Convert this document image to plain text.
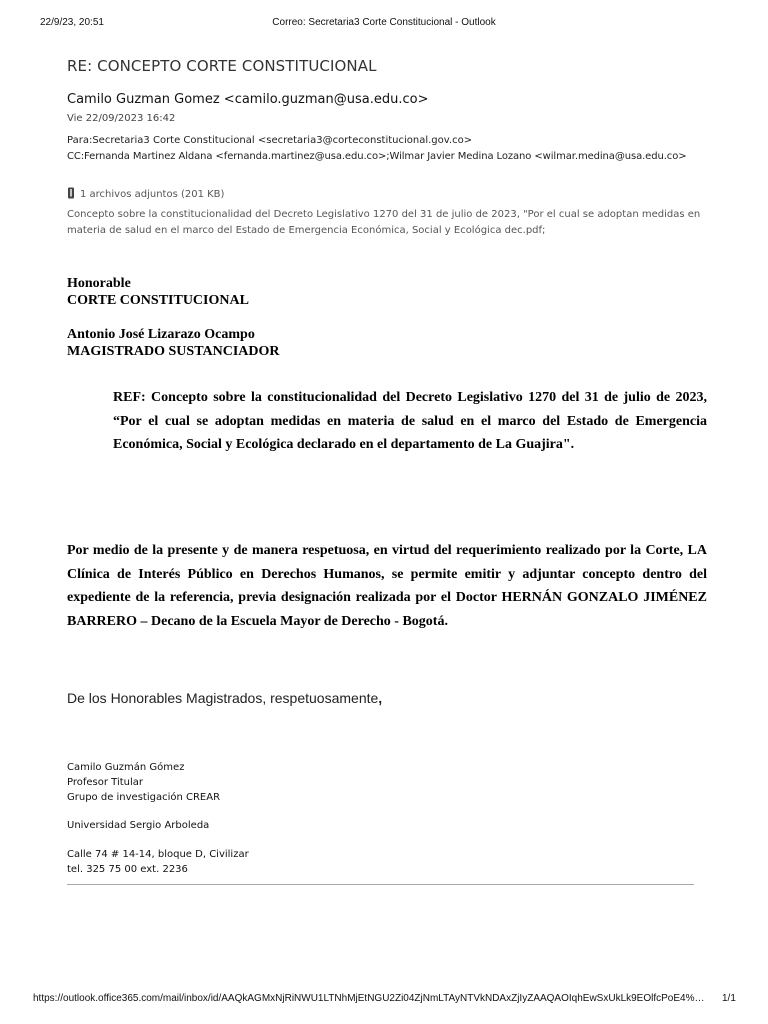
22/9/23, 20:51	Correo: Secretaria3 Corte Constitucional - Outlook
RE: CONCEPTO CORTE CONSTITUCIONAL
Camilo Guzman Gomez <camilo.guzman@usa.edu.co>
Vie 22/09/2023 16:42
Para:Secretaria3 Corte Constitucional <secretaria3@corteconstitucional.gov.co>
CC:Fernanda Martinez Aldana <fernanda.martinez@usa.edu.co>;Wilmar Javier Medina Lozano <wilmar.medina@usa.edu.co>
1 archivos adjuntos (201 KB)
Concepto sobre la constitucionalidad del Decreto Legislativo 1270 del 31 de julio de 2023, "Por el cual se adoptan medidas en materia de salud en el marco del Estado de Emergencia Económica, Social y Ecológica dec.pdf;
Honorable
CORTE CONSTITUCIONAL
Antonio José Lizarazo Ocampo
MAGISTRADO SUSTANCIADOR
REF: Concepto sobre la constitucionalidad del Decreto Legislativo 1270 del 31 de julio de 2023, “Por el cual se adoptan medidas en materia de salud en el marco del Estado de Emergencia Económica, Social y Ecológica declarado en el departamento de La Guajira".
Por medio de la presente y de manera respetuosa, en virtud del requerimiento realizado por la Corte, LA Clínica de Interés Público en Derechos Humanos, se permite emitir y adjuntar concepto dentro del expediente de la referencia, previa designación realizada por el Doctor HERNÁN GONZALO JIMÉNEZ BARRERO – Decano de la Escuela Mayor de Derecho - Bogotá.
De los Honorables Magistrados, respetuosamente,
Camilo Guzmán Gómez
Profesor Titular
Grupo de investigación CREAR
Universidad Sergio Arboleda
Calle 74 # 14-14, bloque D, Civilizar
tel. 325 75 00 ext. 2236
https://outlook.office365.com/mail/inbox/id/AAQkAGMxNjRiNWU1LTNhMjEtNGU2Zi04ZjNmLTAyNTVkNDAxZjIyZAAQAOIqhEwSxUkLk9EOlfcPoE4%… 1/1
